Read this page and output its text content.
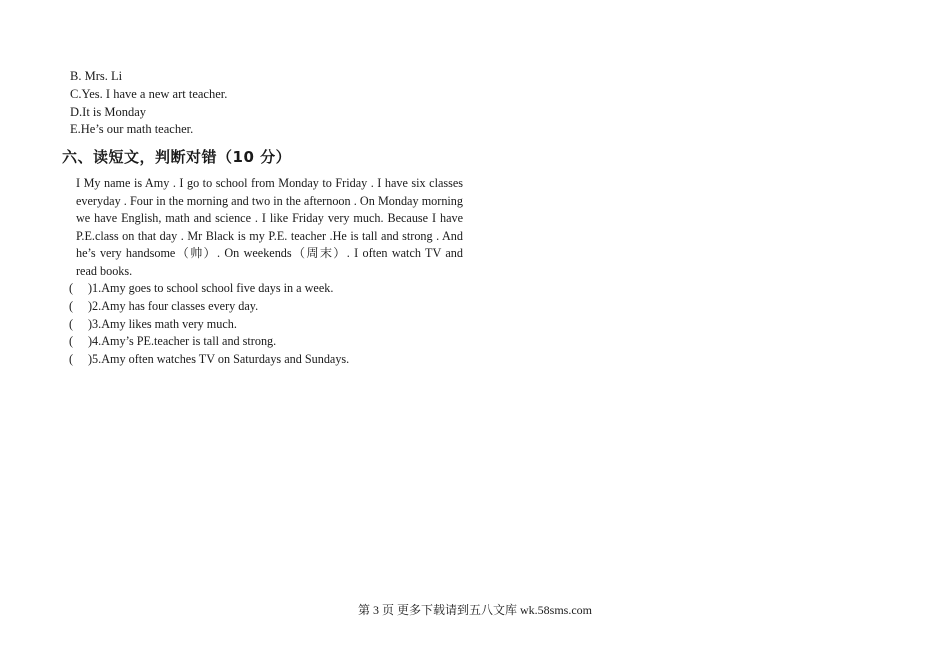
B. Mrs. Li
C.Yes. I have a new art teacher.
D.It is Monday
E.He’s our math teacher.
六、读短文，判断对错（10 分）
I My name is Amy . I go to school from Monday to Friday . I have six classes everyday . Four in the morning and two in the afternoon . On Monday morning we have English, math and science . I like Friday very much. Because I have P.E.class on that day . Mr Black is my P.E. teacher .He is tall and strong . And he’s very handsome（帅）. On weekends（周末）. I often watch TV and read books.
(	)1.Amy goes to school school five days in a week.
(	)2.Amy has four classes every day.
(	)3.Amy likes math very much.
(	)4.Amy’s PE.teacher is tall and strong.
(	)5.Amy often watches TV on Saturdays and Sundays.
第 3 页 更多下载请到五八文库 wk.58sms.com
